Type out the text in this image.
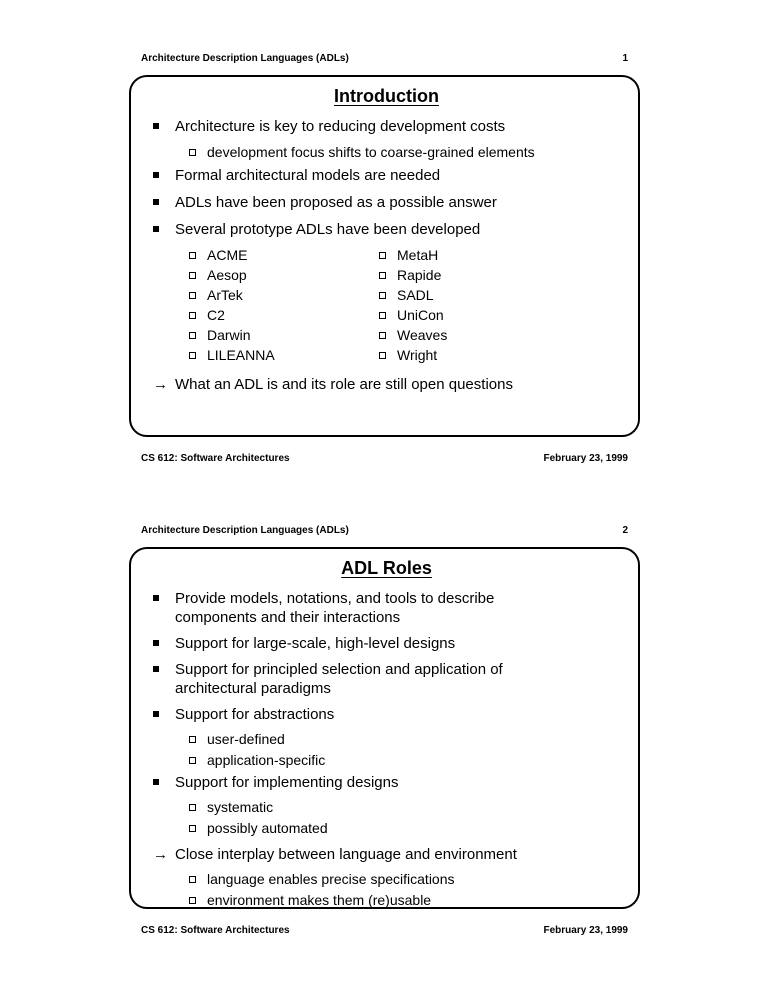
Architecture Description Languages (ADLs)	1
Introduction
Architecture is key to reducing development costs
development focus shifts to coarse-grained elements
Formal architectural models are needed
ADLs have been proposed as a possible answer
Several prototype ADLs have been developed
ACME
Aesop
ArTek
C2
Darwin
LILEANNA
MetaH
Rapide
SADL
UniCon
Weaves
Wright
→ What an ADL is and its role are still open questions
CS 612: Software Architectures	February 23, 1999
Architecture Description Languages (ADLs)	2
ADL Roles
Provide models, notations, and tools to describe components and their interactions
Support for large-scale, high-level designs
Support for principled selection and application of architectural paradigms
Support for abstractions
user-defined
application-specific
Support for implementing designs
systematic
possibly automated
→ Close interplay between language and environment
language enables precise specifications
environment makes them (re)usable
CS 612: Software Architectures	February 23, 1999
